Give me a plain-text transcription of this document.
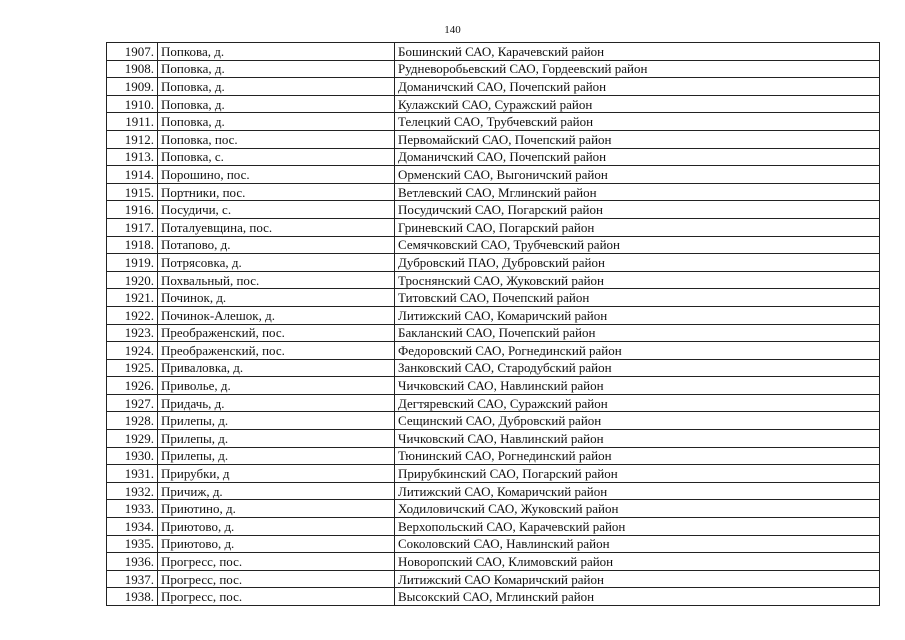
140
1907.	Попкова, д.	Бошинский САО, Карачевский район
1908.	Поповка, д.	Рудневоробьевский САО, Гордеевский район
1909.	Поповка, д.	Доманичский САО, Почепский район
1910.	Поповка, д.	Кулажский САО, Суражский район
1911.	Поповка, д.	Телецкий САО, Трубчевский район
1912.	Поповка, пос.	Первомайский САО, Почепский район
1913.	Поповка, с.	Доманичский САО, Почепский район
1914.	Порошино, пос.	Орменский САО, Выгоничский район
1915.	Портники, пос.	Ветлевский САО, Мглинский район
1916.	Посудичи, с.	Посудичский САО, Погарский район
1917.	Поталуевщина, пос.	Гриневский САО, Погарский район
1918.	Потапово, д.	Семячковский САО, Трубчевский район
1919.	Потрясовка, д.	Дубровский ПАО, Дубровский район
1920.	Похвальный, пос.	Троснянский САО, Жуковский район
1921.	Починок, д.	Титовский САО, Почепский район
1922.	Починок-Алешок, д.	Литижский САО, Комаричский район
1923.	Преображенский, пос.	Бакланский САО, Почепский район
1924.	Преображенский, пос.	Федоровский САО, Рогнединский район
1925.	Приваловка, д.	Занковский САО, Стародубский район
1926.	Приволье, д.	Чичковский САО, Навлинский район
1927.	Придачь, д.	Дегтяревский САО, Суражский район
1928.	Прилепы, д.	Сещинский САО, Дубровский район
1929.	Прилепы, д.	Чичковский САО, Навлинский район
1930.	Прилепы, д.	Тюнинский САО, Рогнединский район
1931.	Прирубки, д	Прирубкинский САО, Погарский район
1932.	Причиж, д.	Литижский САО, Комаричский район
1933.	Приютино, д.	Ходиловичский САО, Жуковский район
1934.	Приютово, д.	Верхопольский САО, Карачевский район
1935.	Приютово, д.	Соколовский САО, Навлинский район
1936.	Прогресс, пос.	Новоропский САО, Климовский район
1937.	Прогресс, пос.	Литижский САО Комаричский район
1938.	Прогресс, пос.	Высокский САО, Мглинский район
